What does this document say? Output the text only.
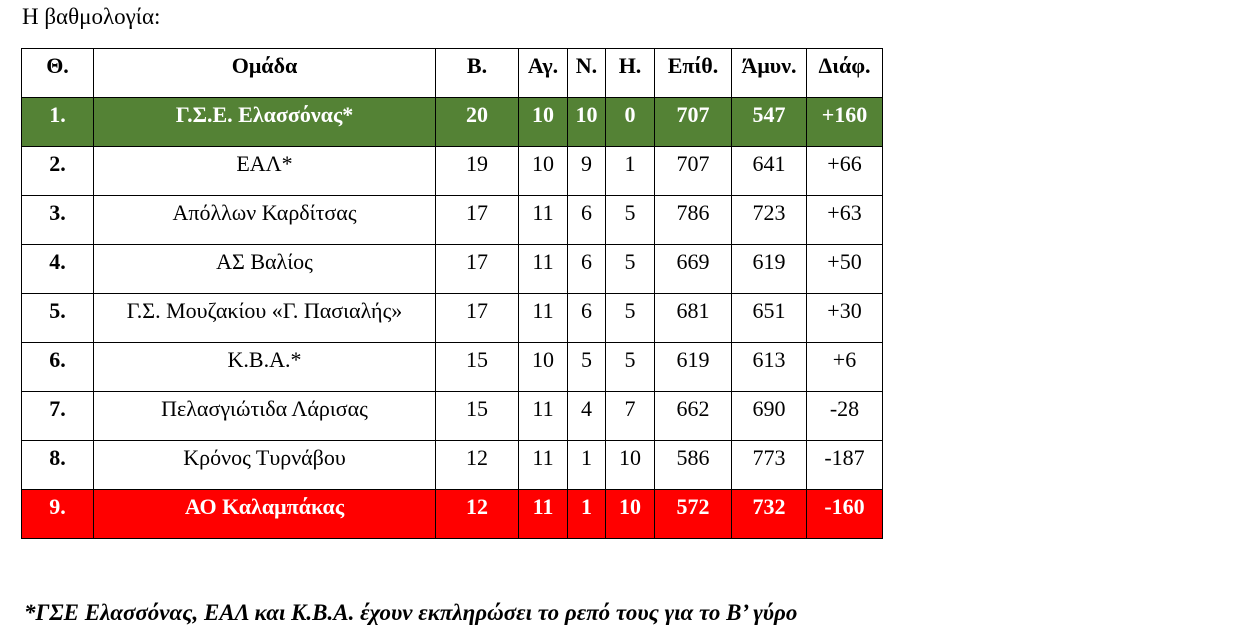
Η βαθμολογία:
Θ.	Ομάδα	Β.	Αγ.	Ν.	Η.	Επίθ.	Άμυν.	Διάφ.
1.	Γ.Σ.Ε. Ελασσόνας*	20	10	10	0	707	547	+160
2.	ΕΑΛ*	19	10	9	1	707	641	+66
3.	Απόλλων Καρδίτσας	17	11	6	5	786	723	+63
4.	ΑΣ Βαλίος	17	11	6	5	669	619	+50
5.	Γ.Σ. Μουζακίου «Γ. Πασιαλής»	17	11	6	5	681	651	+30
6.	Κ.Β.Α.*	15	10	5	5	619	613	+6
7.	Πελασγιώτιδα Λάρισας	15	11	4	7	662	690	-28
8.	Κρόνος Τυρνάβου	12	11	1	10	586	773	-187
9.	ΑΟ Καλαμπάκας	12	11	1	10	572	732	-160
*ΓΣΕ Ελασσόνας, ΕΑΛ και Κ.Β.Α. έχουν εκπληρώσει το ρεπό τους για το Β’ γύρο
